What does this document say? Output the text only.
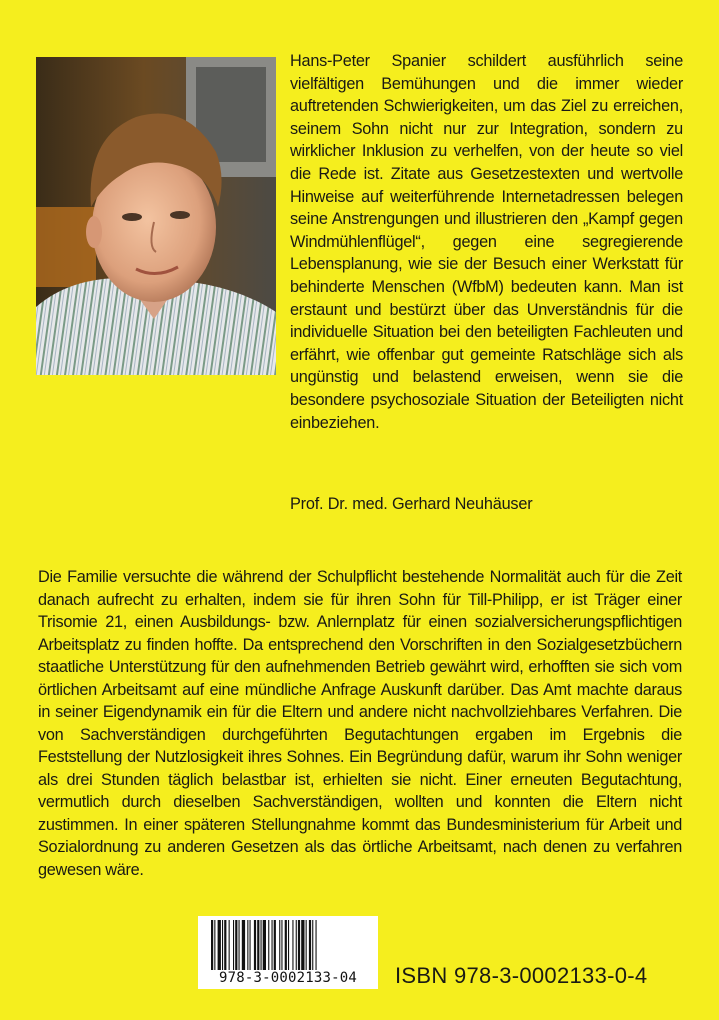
Hans-Peter Spanier schildert ausführlich seine vielfältigen Bemühungen und die immer wieder auftretenden Schwierigkeiten, um das Ziel zu erreichen, seinem Sohn nicht nur zur Integration, sondern zu wirklicher Inklusion zu verhelfen, von der heute so viel die Rede ist. Zitate aus Gesetzestexten und wertvolle Hinweise auf weiterführende Internetadressen belegen seine Anstrengungen und illustrieren den „Kampf gegen Windmühlenflügel“, gegen eine segregierende Lebensplanung, wie sie der Besuch einer Werkstatt für behinderte Menschen (WfbM) bedeuten kann. Man ist erstaunt und bestürzt über das Unverständnis für die individuelle Situation bei den beteiligten Fachleuten und erfährt, wie offenbar gut gemeinte Ratschläge sich als ungünstig und belastend erweisen, wenn sie die besondere psychosoziale Situation der Beteiligten nicht einbeziehen.

Prof. Dr. med. Gerhard Neuhäuser

Die Familie versuchte die während der Schulpflicht bestehende Normalität auch für die Zeit danach aufrecht zu erhalten, indem sie für ihren Sohn für Till-Philipp, er ist Träger einer Trisomie 21, einen Ausbildungs- bzw. Anlernplatz für einen sozialversicherungspflichtigen Arbeitsplatz zu finden hoffte. Da entsprechend den Vorschriften in den Sozialgesetzbüchern staatliche Unterstützung für den aufnehmenden Betrieb gewährt wird, erhofften sie sich vom örtlichen Arbeitsamt auf eine mündliche Anfrage Auskunft darüber. Das Amt machte daraus in seiner Eigendynamik ein für die Eltern und andere nicht nachvollziehbares Verfahren. Die von Sachverständigen durchgeführten Begutachtungen ergaben im Ergebnis die Feststellung der Nutzlosigkeit ihres Sohnes. Ein Begründung dafür, warum ihr Sohn weniger als drei Stunden täglich belastbar ist, erhielten sie nicht. Einer erneuten Begutachtung, vermutlich durch dieselben Sachverständigen, wollten und konnten die Eltern nicht zustimmen. In einer späteren Stellungnahme kommt das Bundesministerium für Arbeit und Sozialordnung zu anderen Gesetzen als das örtliche Arbeitsamt, nach denen zu verfahren gewesen wäre.

978-3-0002133-04	ISBN 978-3-0002133-0-4
